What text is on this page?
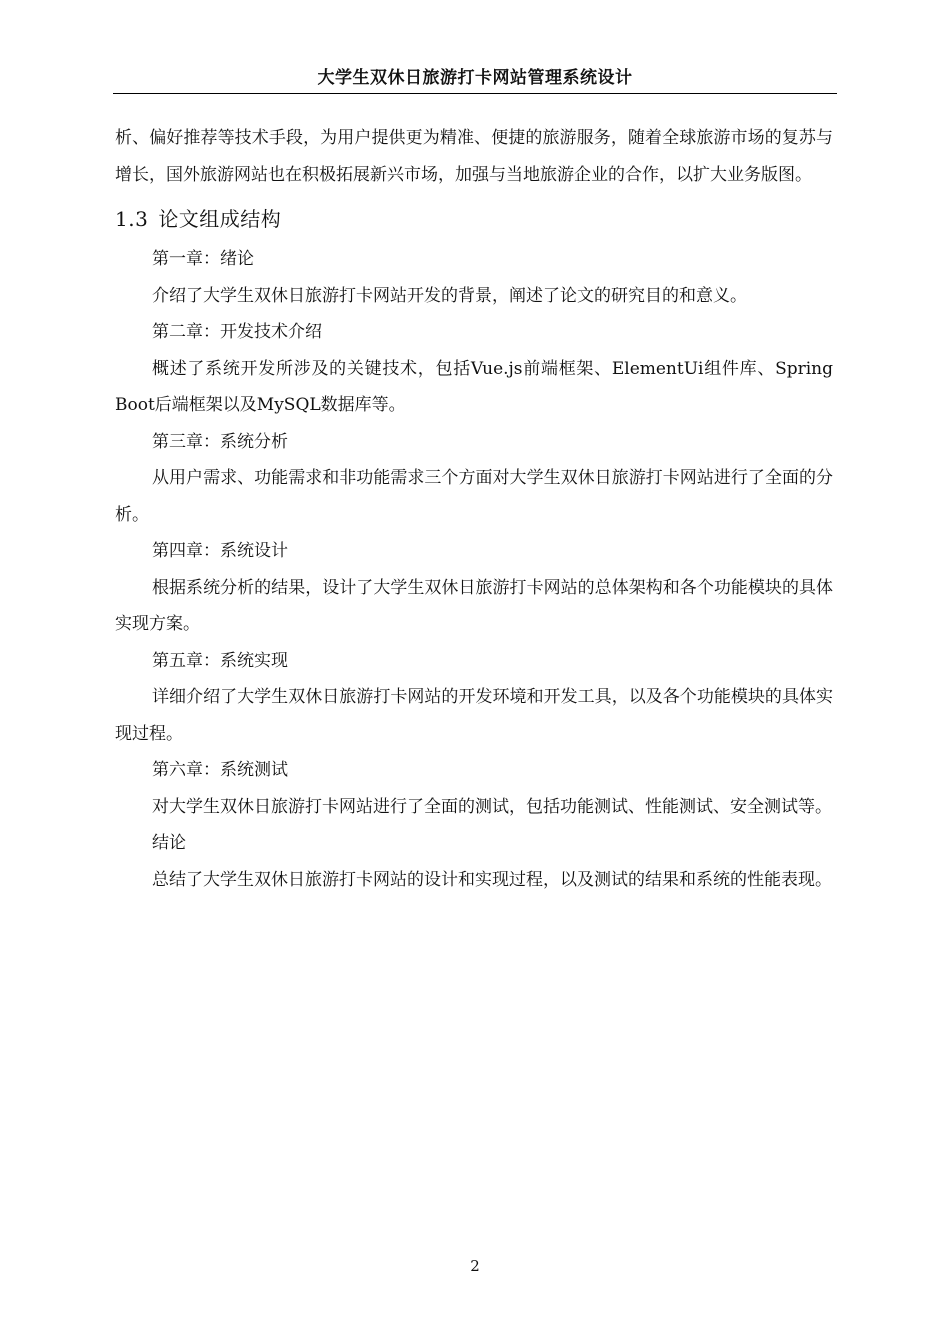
大学生双休日旅游打卡网站管理系统设计

析、偏好推荐等技术手段，为用户提供更为精准、便捷的旅游服务，随着全球旅游市场的复苏与增长，国外旅游网站也在积极拓展新兴市场，加强与当地旅游企业的合作，以扩大业务版图。

1.3 论文组成结构

第一章：绪论

介绍了大学生双休日旅游打卡网站开发的背景，阐述了论文的研究目的和意义。

第二章：开发技术介绍

概述了系统开发所涉及的关键技术，包括Vue.js前端框架、ElementUi组件库、Spring Boot后端框架以及MySQL数据库等。

第三章：系统分析

从用户需求、功能需求和非功能需求三个方面对大学生双休日旅游打卡网站进行了全面的分析。

第四章：系统设计

根据系统分析的结果，设计了大学生双休日旅游打卡网站的总体架构和各个功能模块的具体实现方案。

第五章：系统实现

详细介绍了大学生双休日旅游打卡网站的开发环境和开发工具，以及各个功能模块的具体实现过程。

第六章：系统测试

对大学生双休日旅游打卡网站进行了全面的测试，包括功能测试、性能测试、安全测试等。

结论

总结了大学生双休日旅游打卡网站的设计和实现过程，以及测试的结果和系统的性能表现。

2
